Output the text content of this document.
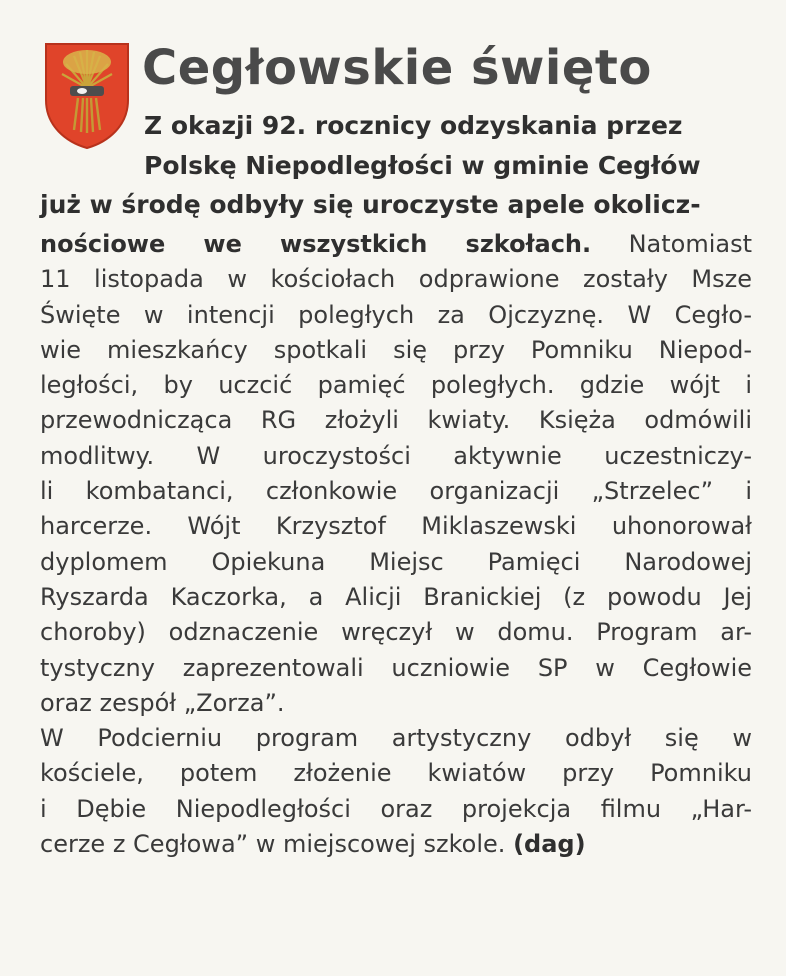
Cegłowskie święto
Z okazji 92. rocznicy odzyskania przez
Polskę Niepodległości w gminie Cegłów
już w środę odbyły się uroczyste apele okolicz-
nościowe we wszystkich szkołach. Natomiast
11 listopada w kościołach odprawione zostały Msze
Święte w intencji poległych za Ojczyznę. W Cegło-
wie mieszkańcy spotkali się przy Pomniku Niepod-
ległości, by uczcić pamięć poległych. gdzie wójt i
przewodnicząca RG złożyli kwiaty. Księża odmówili
modlitwy. W uroczystości aktywnie uczestniczy-
li kombatanci, członkowie organizacji „Strzelec” i
harcerze. Wójt Krzysztof Miklaszewski uhonorował
dyplomem Opiekuna Miejsc Pamięci Narodowej
Ryszarda Kaczorka, a Alicji Branickiej (z powodu Jej
choroby) odznaczenie wręczył w domu. Program ar-
tystyczny zaprezentowali uczniowie SP w Cegłowie
oraz zespół „Zorza”.
W Podcierniu program artystyczny odbył się w
kościele, potem złożenie kwiatów przy Pomniku
i Dębie Niepodległości oraz projekcja filmu „Har-
cerze z Cegłowa” w miejscowej szkole. (dag)
